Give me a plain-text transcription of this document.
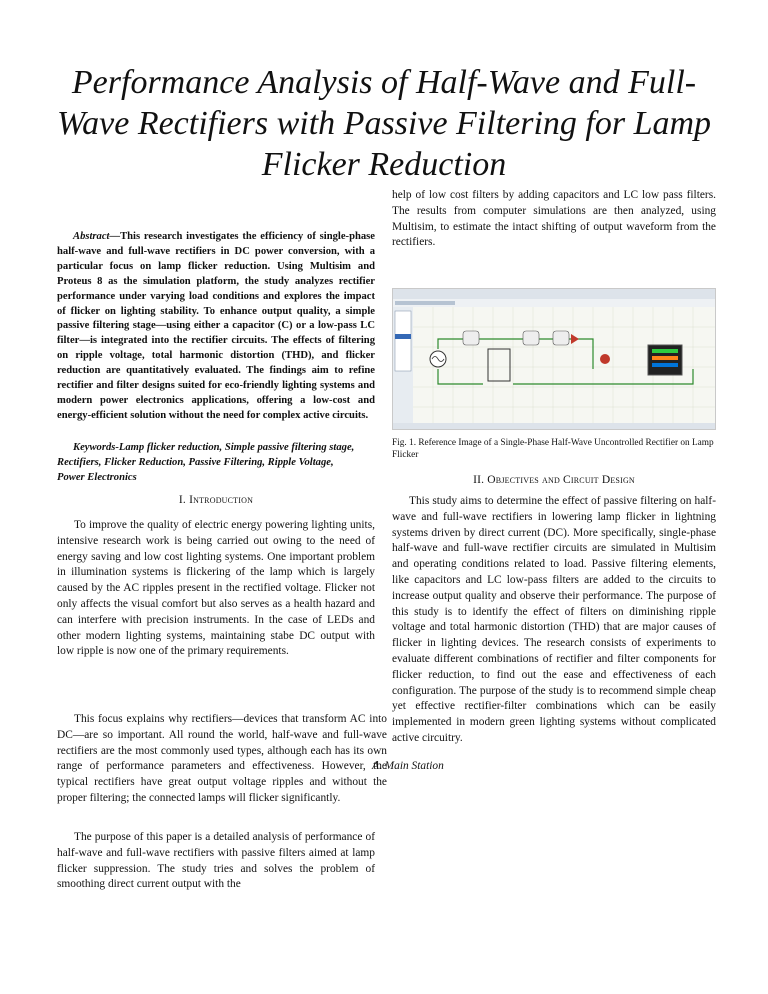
Performance Analysis of Half-Wave and Full-Wave Rectifiers with Passive Filtering for Lamp Flicker Reduction

Abstract—This research investigates the efficiency of single-phase half-wave and full-wave rectifiers in DC power conversion, with a particular focus on lamp flicker reduction. Using Multisim and Proteus 8 as the simulation platform, the study analyzes rectifier performance under varying load conditions and explores the impact of flicker on lighting stability. To enhance output quality, a simple passive filtering stage—using either a capacitor (C) or a low-pass LC filter—is integrated into the rectifier circuits. The effects of filtering on ripple voltage, total harmonic distortion (THD), and flicker reduction are quantitatively evaluated. The findings aim to refine rectifier and filter designs suited for eco-friendly lighting systems and modern power electronics applications, offering a low-cost and energy-efficient solution without the need for complex active circuits.

Keywords-Lamp flicker reduction, Simple passive filtering stage, Rectifiers, Flicker Reduction, Passive Filtering, Ripple Voltage, Power Electronics

I. Introduction

To improve the quality of electric energy powering lighting units, intensive research work is being carried out owing to the need of energy saving and low cost lighting systems. One important problem in illumination systems is flickering of the lamp which is largely caused by the AC ripples present in the rectified voltage. Flicker not only affects the visual comfort but also serves as a health hazard and can interfere with precision instruments. In the case of LEDs and other modern lighting systems, maintaining stabe DC output with low ripple is now one of the primary requirements.

This focus explains why rectifiers—devices that transform AC into DC—are so important. All round the world, half-wave and full-wave rectifiers are the most commonly used types, although each has its own range of performance parameters and effectiveness. However, the typical rectifiers have great output voltage ripples and without the proper filtering; the connected lamps will flicker significantly.

The purpose of this paper is a detailed analysis of performance of half-wave and full-wave rectifiers with passive filters aimed at lamp flicker suppression. The study tries and solves the problem of smoothing direct current output with the

help of low cost filters by adding capacitors and LC low pass filters. The results from computer simulations are then analyzed, using Multisim, to estimate the intact shifting of output waveform from the rectifiers.

Fig. 1. Reference Image of a Single-Phase Half-Wave Uncontrolled Rectifier on Lamp Flicker

II. Objectives and Circuit Design

This study aims to determine the effect of passive filtering on half-wave and full-wave rectifiers in lowering lamp flicker in lightning systems driven by direct current (DC). More specifically, single-phase half-wave and full-wave rectifier circuits are simulated in Multisim and operating conditions related to load. Passive filtering elements, like capacitors and LC low-pass filters are added to the circuits to increase output quality and observe their performance. The purpose of this study is to identify the effect of filters on diminishing ripple voltage and total harmonic distortion (THD) that are major causes of flicker in lighting devices. The research consists of experiments to evaluate different combinations of rectifier and filter components for flicker reduction, to find out the ease and effectiveness of each configuration. The purpose of the study is to recommend simple cheap yet effective rectifier-filter combinations which can be easily implemented in modern green lighting systems without complicated active circuitry.

A. Main Station
